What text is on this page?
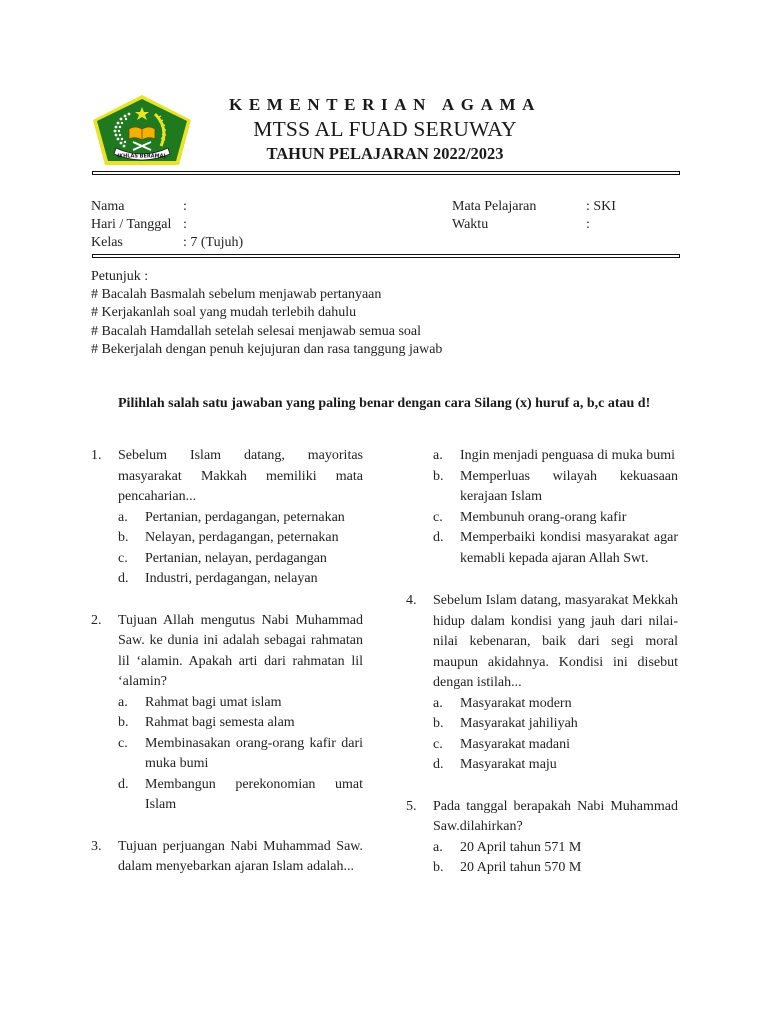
IKHLAS BERAMAL
KEMENTERIAN AGAMA
MTSS AL FUAD SERUWAY
TAHUN PELAJARAN 2022/2023
Nama	:
Hari / Tanggal :
Kelas	: 7 (Tujuh)
Mata Pelajaran	: SKI
Waktu	:
Petunjuk :
# Bacalah Basmalah sebelum menjawab pertanyaan
# Kerjakanlah soal yang mudah terlebih dahulu
# Bacalah Hamdallah setelah selesai menjawab semua soal
# Bekerjalah dengan penuh kejujuran dan rasa tanggung jawab
Pilihlah salah satu jawaban yang paling benar dengan cara Silang (x) huruf a, b,c atau d!
1. Sebelum Islam datang, mayoritas masyarakat Makkah memiliki mata pencaharian...
a. Pertanian, perdagangan, peternakan
b. Nelayan, perdagangan, peternakan
c. Pertanian, nelayan, perdagangan
d. Industri, perdagangan, nelayan
2. Tujuan Allah mengutus Nabi Muhammad Saw. ke dunia ini adalah sebagai rahmatan lil ‘alamin. Apakah arti dari rahmatan lil ‘alamin?
a. Rahmat bagi umat islam
b. Rahmat bagi semesta alam
c. Membinasakan orang-orang kafir dari muka bumi
d. Membangun perekonomian umat Islam
3. Tujuan perjuangan Nabi Muhammad Saw. dalam menyebarkan ajaran Islam adalah...
a. Ingin menjadi penguasa di muka bumi
b. Memperluas wilayah kekuasaan kerajaan Islam
c. Membunuh orang-orang kafir
d. Memperbaiki kondisi masyarakat agar kemabli kepada ajaran Allah Swt.
4. Sebelum Islam datang, masyarakat Mekkah hidup dalam kondisi yang jauh dari nilai-nilai kebenaran, baik dari segi moral maupun akidahnya. Kondisi ini disebut dengan istilah...
a. Masyarakat modern
b. Masyarakat jahiliyah
c. Masyarakat madani
d. Masyarakat maju
5. Pada tanggal berapakah Nabi Muhammad Saw.dilahirkan?
a. 20 April tahun 571 M
b. 20 April tahun 570 M
